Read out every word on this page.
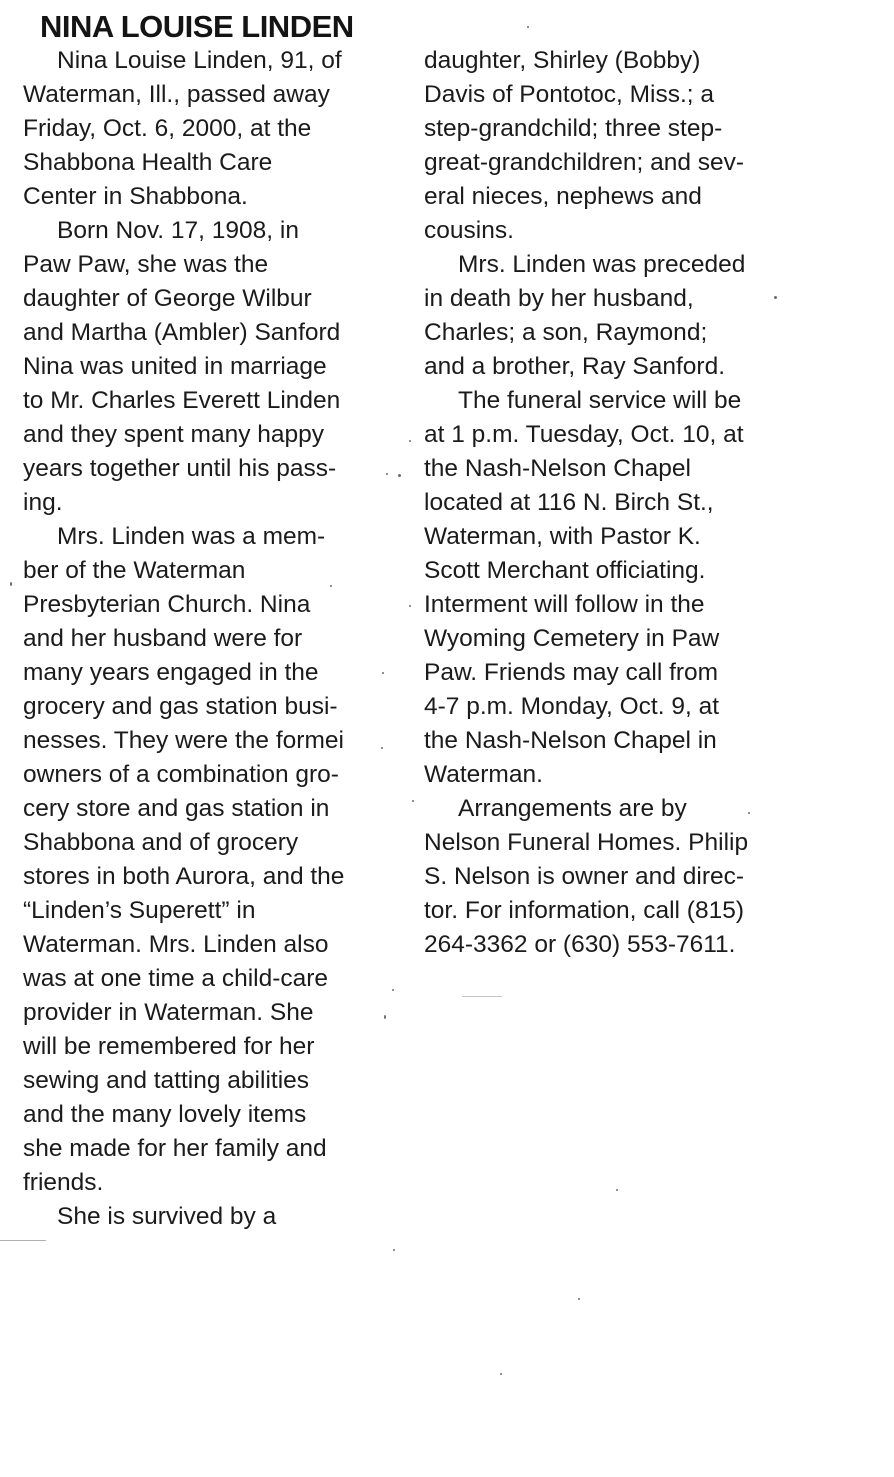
NINA LOUISE LINDEN
Nina Louise Linden, 91, of
Waterman, Ill., passed away
Friday, Oct. 6, 2000, at the
Shabbona Health Care
Center in Shabbona.
Born Nov. 17, 1908, in
Paw Paw, she was the
daughter of George Wilbur
and Martha (Ambler) Sanford
Nina was united in marriage
to Mr. Charles Everett Linden
and they spent many happy
years together until his pass-
ing.
Mrs. Linden was a mem-
ber of the Waterman
Presbyterian Church. Nina
and her husband were for
many years engaged in the
grocery and gas station busi-
nesses. They were the formei
owners of a combination gro-
cery store and gas station in
Shabbona and of grocery
stores in both Aurora, and the
“Linden’s Superett” in
Waterman. Mrs. Linden also
was at one time a child-care
provider in Waterman. She
will be remembered for her
sewing and tatting abilities
and the many lovely items
she made for her family and
friends.
She is survived by a
daughter, Shirley (Bobby)
Davis of Pontotoc, Miss.; a
step-grandchild; three step-
great-grandchildren; and sev-
eral nieces, nephews and
cousins.
Mrs. Linden was preceded
in death by her husband,
Charles; a son, Raymond;
and a brother, Ray Sanford.
The funeral service will be
at 1 p.m. Tuesday, Oct. 10, at
the Nash-Nelson Chapel
located at 116 N. Birch St.,
Waterman, with Pastor K.
Scott Merchant officiating.
Interment will follow in the
Wyoming Cemetery in Paw
Paw. Friends may call from
4-7 p.m. Monday, Oct. 9, at
the Nash-Nelson Chapel in
Waterman.
Arrangements are by
Nelson Funeral Homes. Philip
S. Nelson is owner and direc-
tor. For information, call (815)
264-3362 or (630) 553-7611.
